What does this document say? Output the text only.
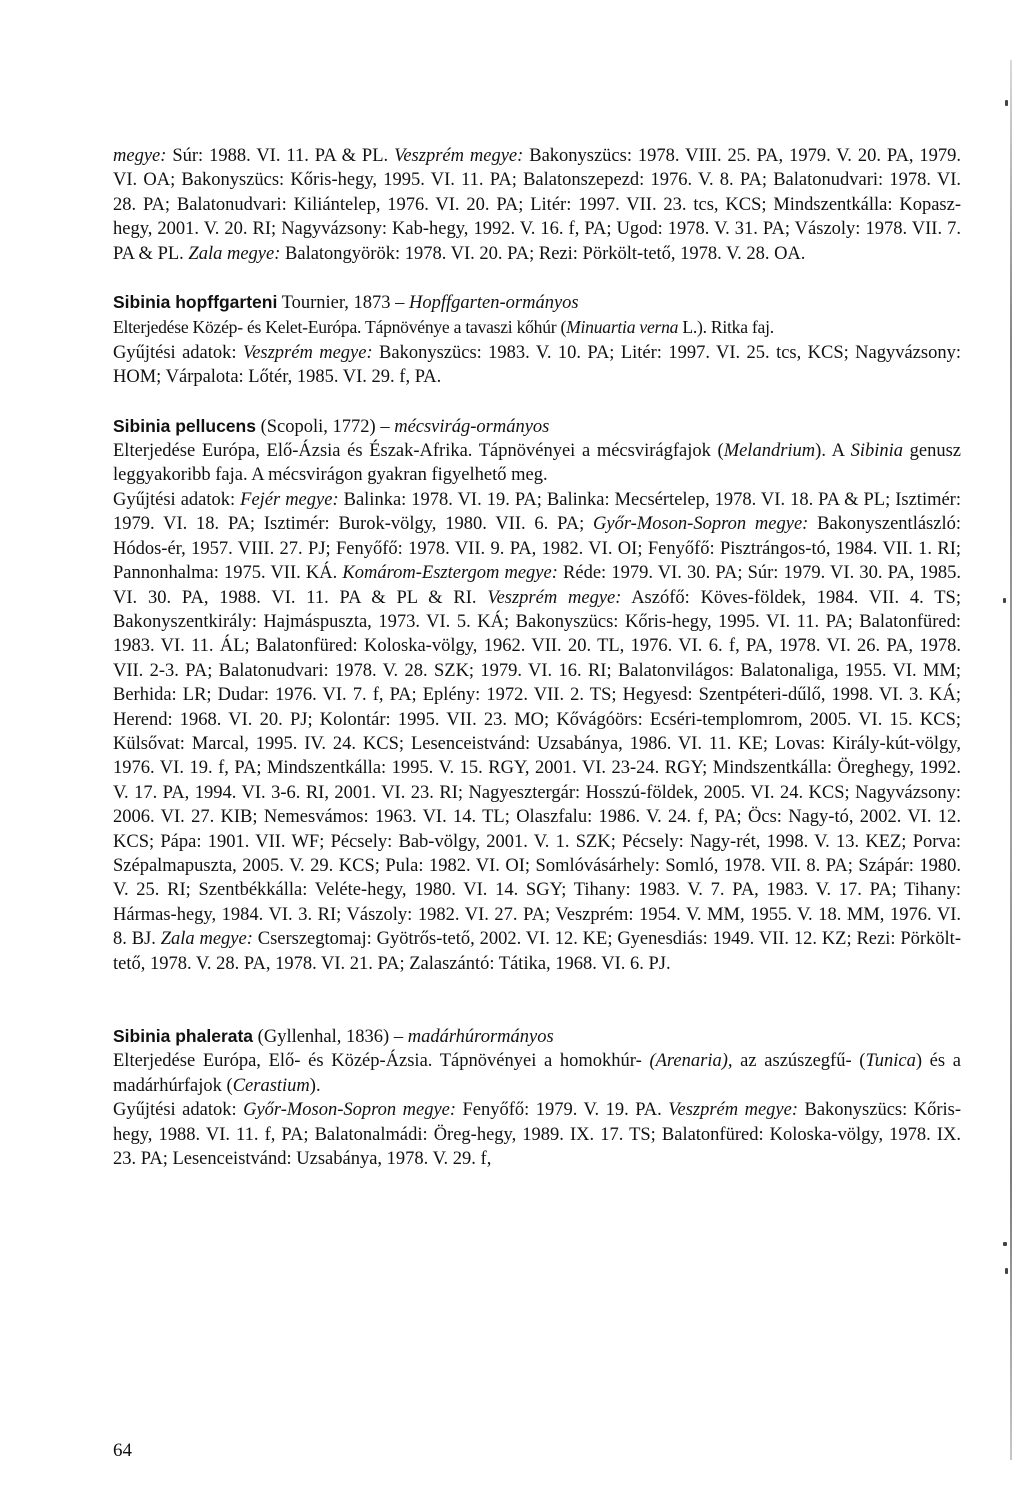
megye: Súr: 1988. VI. 11. PA & PL. Veszprém megye: Bakonyszücs: 1978. VIII. 25. PA, 1979. V. 20. PA, 1979. VI. OA; Bakonyszücs: Kőris-hegy, 1995. VI. 11. PA; Balatonszepezd: 1976. V. 8. PA; Balatonudvari: 1978. VI. 28. PA; Balatonudvari: Kiliántelep, 1976. VI. 20. PA; Litér: 1997. VII. 23. tcs, KCS; Mindszentkálla: Kopasz-hegy, 2001. V. 20. RI; Nagyvázsony: Kab-hegy, 1992. V. 16. f, PA; Ugod: 1978. V. 31. PA; Vászoly: 1978. VII. 7. PA & PL. Zala megye: Balatongyörök: 1978. VI. 20. PA; Rezi: Pörkölt-tető, 1978. V. 28. OA.

Sibinia hopffgarteni Tournier, 1873 – Hopffgarten-ormányos

Elterjedése Közép- és Kelet-Európa. Tápnövénye a tavaszi kőhúr (Minuartia verna L.). Ritka faj.

Gyűjtési adatok: Veszprém megye: Bakonyszücs: 1983. V. 10. PA; Litér: 1997. VI. 25. tcs, KCS; Nagyvázsony: HOM; Várpalota: Lőtér, 1985. VI. 29. f, PA.

Sibinia pellucens (Scopoli, 1772) – mécsvirág-ormányos

Elterjedése Európa, Elő-Ázsia és Észak-Afrika. Tápnövényei a mécsvirágfajok (Melandrium). A Sibinia genusz leggyakoribb faja. A mécsvirágon gyakran figyelhető meg.

Gyűjtési adatok: Fejér megye: Balinka: 1978. VI. 19. PA; Balinka: Mecsértelep, 1978. VI. 18. PA & PL; Isztimér: 1979. VI. 18. PA; Isztimér: Burok-völgy, 1980. VII. 6. PA; Győr-Moson-Sopron megye: Bakonyszentlászló: Hódos-ér, 1957. VIII. 27. PJ; Fenyőfő: 1978. VII. 9. PA, 1982. VI. OI; Fenyőfő: Pisztrángos-tó, 1984. VII. 1. RI; Pannonhalma: 1975. VII. KÁ. Komárom-Esztergom megye: Réde: 1979. VI. 30. PA; Súr: 1979. VI. 30. PA, 1985. VI. 30. PA, 1988. VI. 11. PA & PL & RI. Veszprém megye: Aszófő: Köves-földek, 1984. VII. 4. TS; Bakonyszentkirály: Hajmáspuszta, 1973. VI. 5. KÁ; Bakonyszücs: Kőris-hegy, 1995. VI. 11. PA; Balatonfüred: 1983. VI. 11. ÁL; Balatonfüred: Koloska-völgy, 1962. VII. 20. TL, 1976. VI. 6. f, PA, 1978. VI. 26. PA, 1978. VII. 2-3. PA; Balatonudvari: 1978. V. 28. SZK; 1979. VI. 16. RI; Balatonvilágos: Balatonaliga, 1955. VI. MM; Berhida: LR; Dudar: 1976. VI. 7. f, PA; Eplény: 1972. VII. 2. TS; Hegyesd: Szentpéteri-dűlő, 1998. VI. 3. KÁ; Herend: 1968. VI. 20. PJ; Kolontár: 1995. VII. 23. MO; Kővágóörs: Ecséri-templomrom, 2005. VI. 15. KCS; Külsővat: Marcal, 1995. IV. 24. KCS; Lesenceistvánd: Uzsabánya, 1986. VI. 11. KE; Lovas: Király-kút-völgy, 1976. VI. 19. f, PA; Mindszentkálla: 1995. V. 15. RGY, 2001. VI. 23-24. RGY; Mindszentkálla: Öreghegy, 1992. V. 17. PA, 1994. VI. 3-6. RI, 2001. VI. 23. RI; Nagyesztergár: Hosszú-földek, 2005. VI. 24. KCS; Nagyvázsony: 2006. VI. 27. KIB; Nemesvámos: 1963. VI. 14. TL; Olaszfalu: 1986. V. 24. f, PA; Öcs: Nagy-tó, 2002. VI. 12. KCS; Pápa: 1901. VII. WF; Pécsely: Bab-völgy, 2001. V. 1. SZK; Pécsely: Nagy-rét, 1998. V. 13. KEZ; Porva: Szépalmapuszta, 2005. V. 29. KCS; Pula: 1982. VI. OI; Somlóvásárhely: Somló, 1978. VII. 8. PA; Szápár: 1980. V. 25. RI; Szentbékkálla: Veléte-hegy, 1980. VI. 14. SGY; Tihany: 1983. V. 7. PA, 1983. V. 17. PA; Tihany: Hármas-hegy, 1984. VI. 3. RI; Vászoly: 1982. VI. 27. PA; Veszprém: 1954. V. MM, 1955. V. 18. MM, 1976. VI. 8. BJ. Zala megye: Cserszegtomaj: Gyötrős-tető, 2002. VI. 12. KE; Gyenesdiás: 1949. VII. 12. KZ; Rezi: Pörkölt-tető, 1978. V. 28. PA, 1978. VI. 21. PA; Zalaszántó: Tátika, 1968. VI. 6. PJ.

Sibinia phalerata (Gyllenhal, 1836) – madárhúrormányos

Elterjedése Európa, Elő- és Közép-Ázsia. Tápnövényei a homokhúr- (Arenaria), az aszúszegfű- (Tunica) és a madárhúrfajok (Cerastium).

Gyűjtési adatok: Győr-Moson-Sopron megye: Fenyőfő: 1979. V. 19. PA. Veszprém megye: Bakonyszücs: Kőris-hegy, 1988. VI. 11. f, PA; Balatonalmádi: Öreg-hegy, 1989. IX. 17. TS; Balatonfüred: Koloska-völgy, 1978. IX. 23. PA; Lesenceistvánd: Uzsabánya, 1978. V. 29. f,

64
